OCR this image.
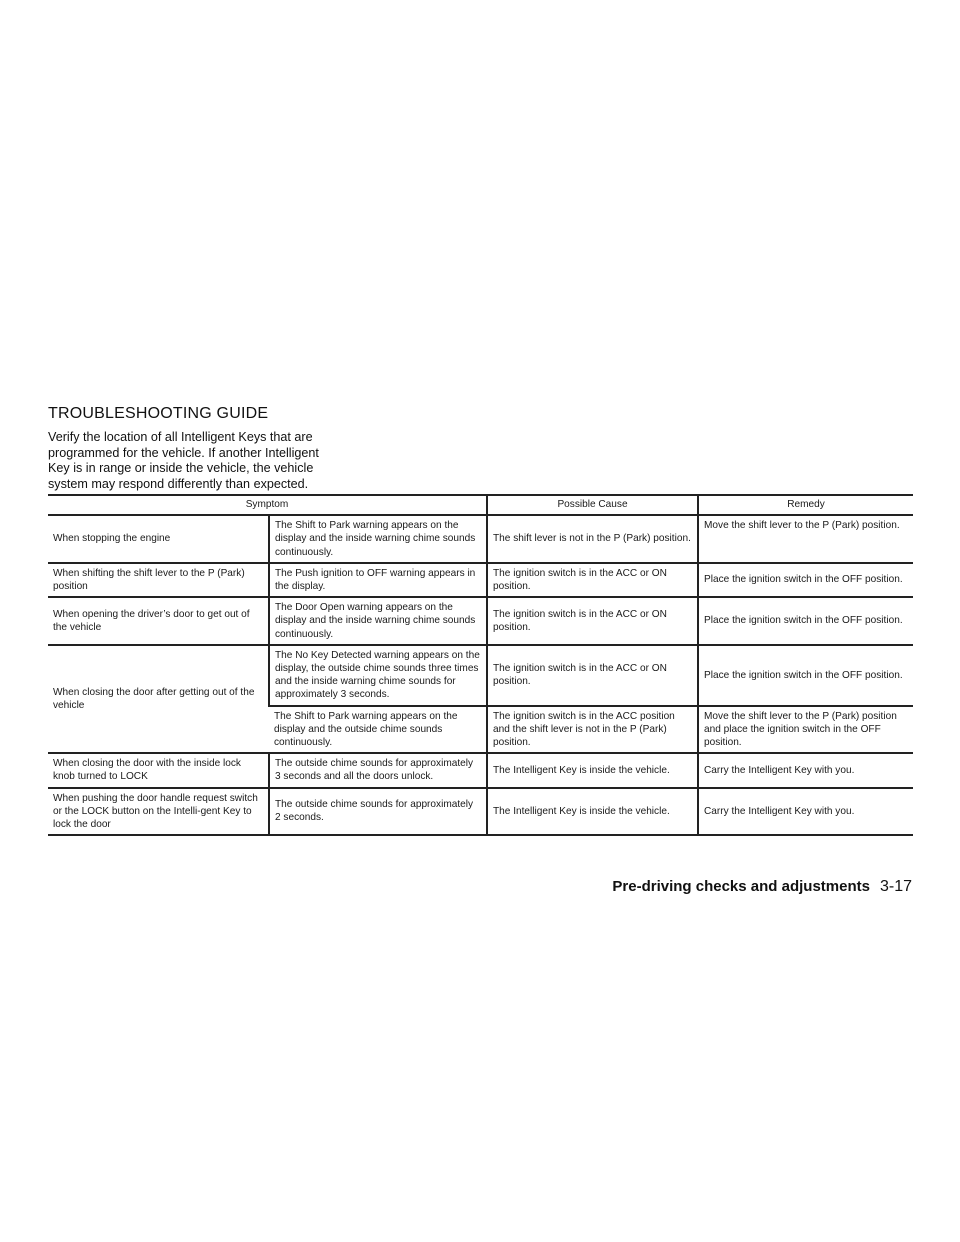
TROUBLESHOOTING GUIDE

Verify the location of all Intelligent Keys that are programmed for the vehicle. If another Intelligent Key is in range or inside the vehicle, the vehicle system may respond differently than expected.

Symptom		Possible Cause	Remedy
When stopping the engine	The Shift to Park warning appears on the display and the inside warning chime sounds continuously.	The shift lever is not in the P (Park) position.	Move the shift lever to the P (Park) position.
When shifting the shift lever to the P (Park) position	The Push ignition to OFF warning appears in the display.	The ignition switch is in the ACC or ON position.	Place the ignition switch in the OFF position.
When opening the driver’s door to get out of the vehicle	The Door Open warning appears on the display and the inside warning chime sounds continuously.	The ignition switch is in the ACC or ON position.	Place the ignition switch in the OFF position.
When closing the door after getting out of the vehicle	The No Key Detected warning appears on the display, the outside chime sounds three times and the inside warning chime sounds for approximately 3 seconds.	The ignition switch is in the ACC or ON position.	Place the ignition switch in the OFF position.
	The Shift to Park warning appears on the display and the outside chime sounds continuously.	The ignition switch is in the ACC position and the shift lever is not in the P (Park) position.	Move the shift lever to the P (Park) position and place the ignition switch in the OFF position.
When closing the door with the inside lock knob turned to LOCK	The outside chime sounds for approximately 3 seconds and all the doors unlock.	The Intelligent Key is inside the vehicle.	Carry the Intelligent Key with you.
When pushing the door handle request switch or the LOCK button on the Intelli-gent Key to lock the door	The outside chime sounds for approximately 2 seconds.	The Intelligent Key is inside the vehicle.	Carry the Intelligent Key with you.
Pre-driving checks and adjustments 3-17
